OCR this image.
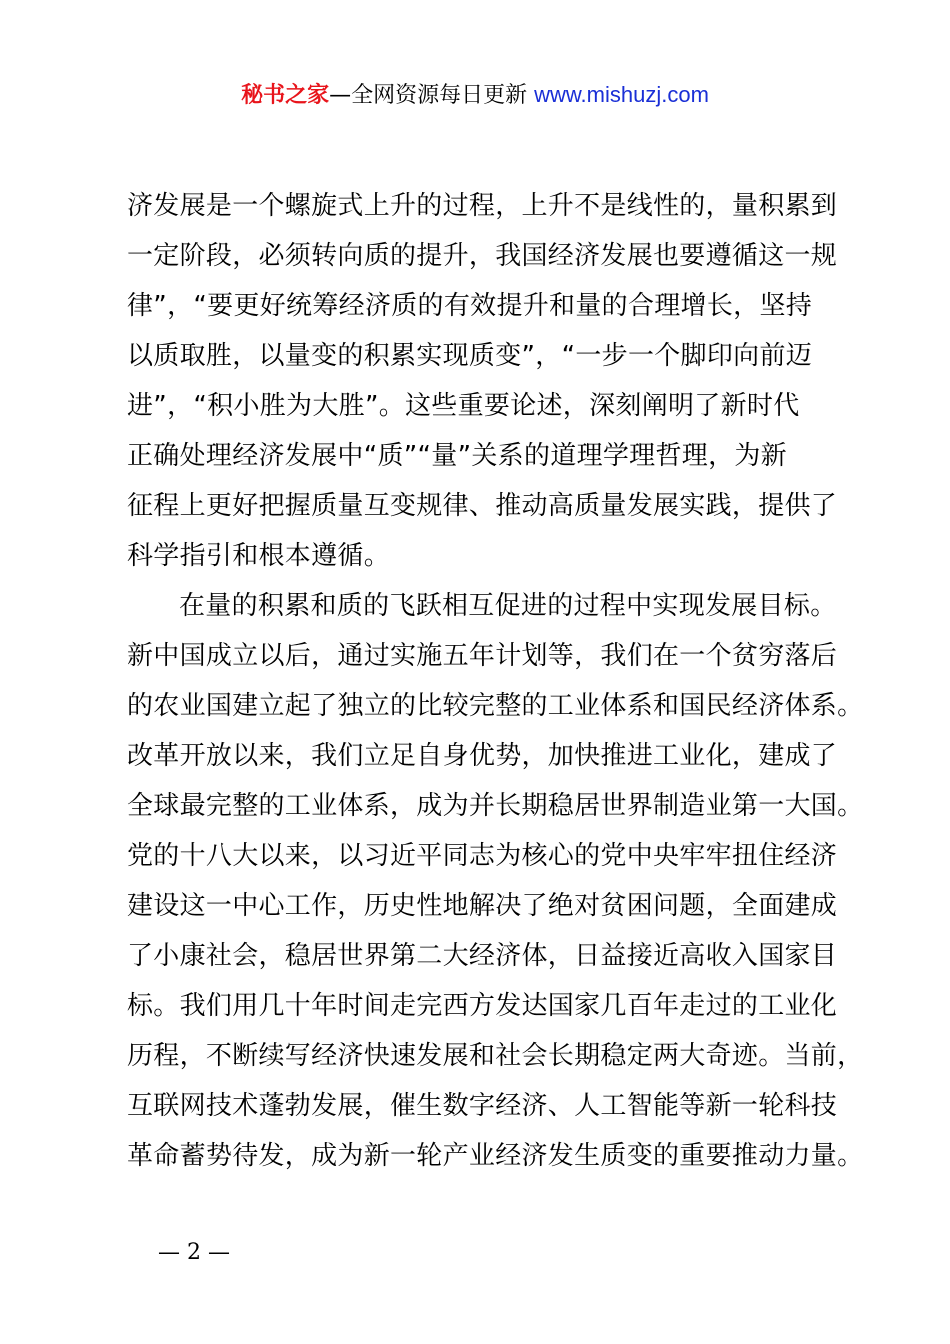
秘书之家—全网资源每日更新 www.mishuzj.com
济发展是一个螺旋式上升的过程，上升不是线性的，量积累到
一定阶段，必须转向质的提升，我国经济发展也要遵循这一规
律”，“要更好统筹经济质的有效提升和量的合理增长，坚持
以质取胜，以量变的积累实现质变”，“一步一个脚印向前迈
进”，“积小胜为大胜”。这些重要论述，深刻阐明了新时代
正确处理经济发展中“质”“量”关系的道理学理哲理，为新
征程上更好把握质量互变规律、推动高质量发展实践，提供了
科学指引和根本遵循。
在量的积累和质的飞跃相互促进的过程中实现发展目标。
新中国成立以后，通过实施五年计划等，我们在一个贫穷落后
的农业国建立起了独立的比较完整的工业体系和国民经济体系。
改革开放以来，我们立足自身优势，加快推进工业化，建成了
全球最完整的工业体系，成为并长期稳居世界制造业第一大国。
党的十八大以来，以习近平同志为核心的党中央牢牢扭住经济
建设这一中心工作，历史性地解决了绝对贫困问题，全面建成
了小康社会，稳居世界第二大经济体，日益接近高收入国家目
标。我们用几十年时间走完西方发达国家几百年走过的工业化
历程，不断续写经济快速发展和社会长期稳定两大奇迹。当前，
互联网技术蓬勃发展，催生数字经济、人工智能等新一轮科技
革命蓄势待发，成为新一轮产业经济发生质变的重要推动力量。
— 2 —
